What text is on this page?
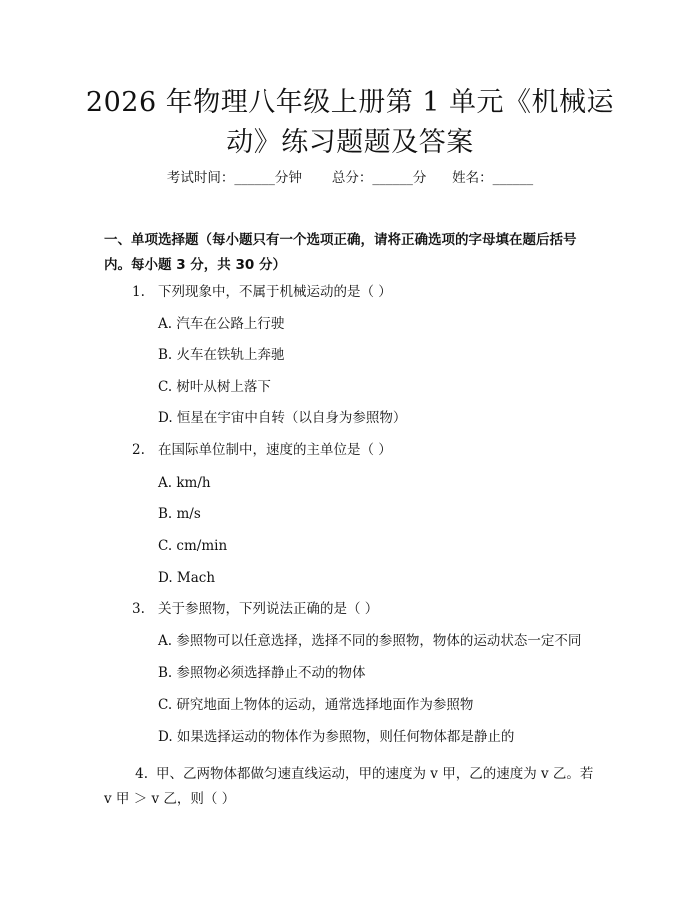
2026 年物理八年级上册第 1 单元《机械运
动》练习题题及答案
考试时间：______分钟 总分：______分 姓名：______
一、单项选择题（每小题只有一个选项正确，请将正确选项的字母填在题后括号内。每小题 3 分，共 30 分）
1. 下列现象中，不属于机械运动的是（ ）
A. 汽车在公路上行驶
B. 火车在铁轨上奔驰
C. 树叶从树上落下
D. 恒星在宇宙中自转（以自身为参照物）
2. 在国际单位制中，速度的主单位是（ ）
A. km/h
B. m/s
C. cm/min
D. Mach
3. 关于参照物，下列说法正确的是（ ）
A. 参照物可以任意选择，选择不同的参照物，物体的运动状态一定不同
B. 参照物必须选择静止不动的物体
C. 研究地面上物体的运动，通常选择地面作为参照物
D. 如果选择运动的物体作为参照物，则任何物体都是静止的
4. 甲、乙两物体都做匀速直线运动，甲的速度为 v 甲，乙的速度为 v 乙。若 v 甲 ＞ v 乙，则（ ）
